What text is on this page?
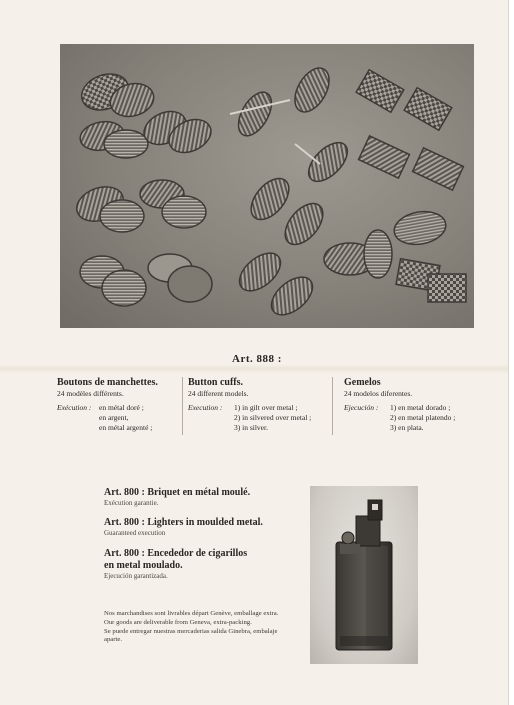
Art. 888 :
Boutons de manchettes.
24 modèles différents.
Exécution :	en métal doré ;
en argent,
en métal argenté ;
Button cuffs.
24 different models.
Execution :	1) in gilt over metal ;
2) in silvered over metal ;
3) in silver.
Gemelos
24 modelos diferentes.
Ejecución :	1) en metal dorado ;
2) en metal platendo ;
3) en plata.
Art. 800 : Briquet en métal moulé.
Exécution garantie.
Art. 800 : Lighters in moulded metal.
Guaranteed execution
Art. 800 : Encededor de cigarillos
en metal moulado.
Ejecución garantizada.

Nos marchandises sont livrables départ Genève, emballage extra.

Our goods are deliverable from Geneva, extra-packing.

Se puede entregar nuestras mercaderias salida Ginebra, embalaje aparte.
